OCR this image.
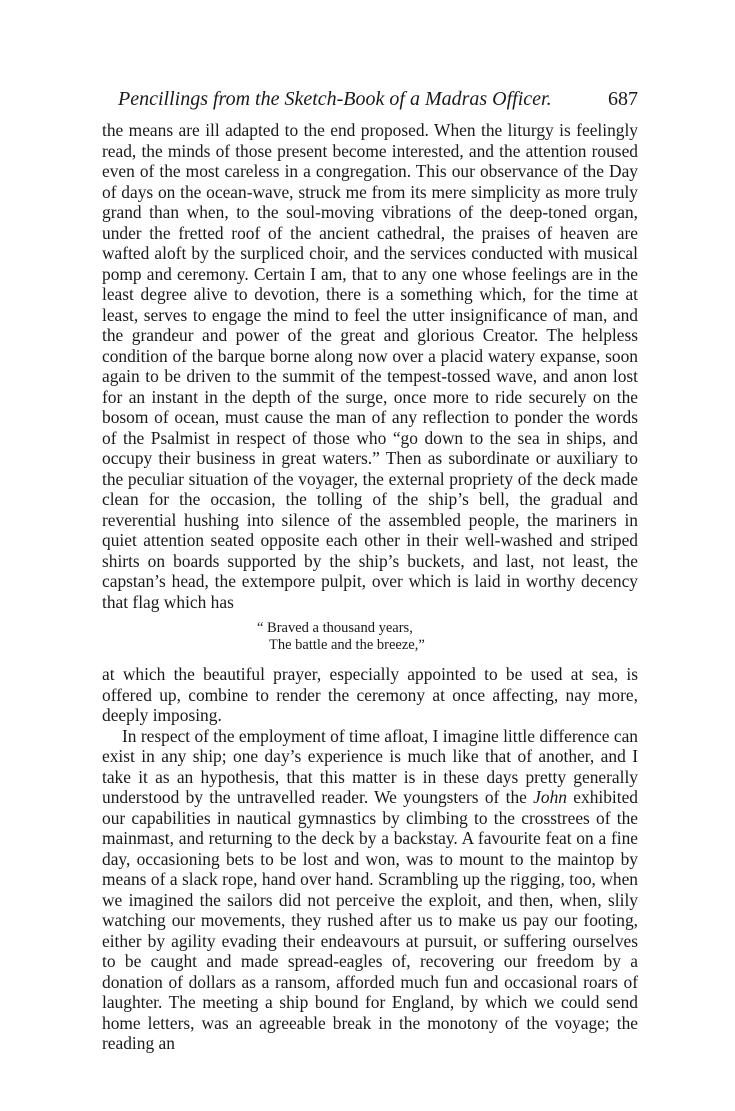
Pencillings from the Sketch-Book of a Madras Officer.	687

the means are ill adapted to the end proposed. When the liturgy is feelingly read, the minds of those present become interested, and the attention roused even of the most careless in a congregation. This our observance of the Day of days on the ocean-wave, struck me from its mere simplicity as more truly grand than when, to the soul-moving vibrations of the deep-toned organ, under the fretted roof of the ancient cathedral, the praises of heaven are wafted aloft by the surpliced choir, and the services conducted with musical pomp and ceremony. Certain I am, that to any one whose feelings are in the least degree alive to devotion, there is a something which, for the time at least, serves to engage the mind to feel the utter insignificance of man, and the grandeur and power of the great and glorious Creator. The helpless condition of the barque borne along now over a placid watery expanse, soon again to be driven to the summit of the tempest-tossed wave, and anon lost for an instant in the depth of the surge, once more to ride securely on the bosom of ocean, must cause the man of any reflection to ponder the words of the Psalmist in respect of those who “go down to the sea in ships, and occupy their business in great waters.” Then as subordinate or auxiliary to the peculiar situation of the voyager, the external propriety of the deck made clean for the occasion, the tolling of the ship’s bell, the gradual and reverential hushing into silence of the assembled people, the mariners in quiet attention seated opposite each other in their well-washed and striped shirts on boards supported by the ship’s buckets, and last, not least, the capstan’s head, the extempore pulpit, over which is laid in worthy decency that flag which has

“ Braved a thousand years,
The battle and the breeze,”

at which the beautiful prayer, especially appointed to be used at sea, is offered up, combine to render the ceremony at once affecting, nay more, deeply imposing.

In respect of the employment of time afloat, I imagine little difference can exist in any ship; one day’s experience is much like that of another, and I take it as an hypothesis, that this matter is in these days pretty generally understood by the untravelled reader. We youngsters of the John exhibited our capabilities in nautical gymnastics by climbing to the crosstrees of the mainmast, and returning to the deck by a backstay. A favourite feat on a fine day, occasioning bets to be lost and won, was to mount to the maintop by means of a slack rope, hand over hand. Scrambling up the rigging, too, when we imagined the sailors did not perceive the exploit, and then, when, slily watching our movements, they rushed after us to make us pay our footing, either by agility evading their endeavours at pursuit, or suffering ourselves to be caught and made spread-eagles of, recovering our freedom by a donation of dollars as a ransom, afforded much fun and occasional roars of laughter. The meeting a ship bound for England, by which we could send home letters, was an agreeable break in the monotony of the voyage; the reading an
